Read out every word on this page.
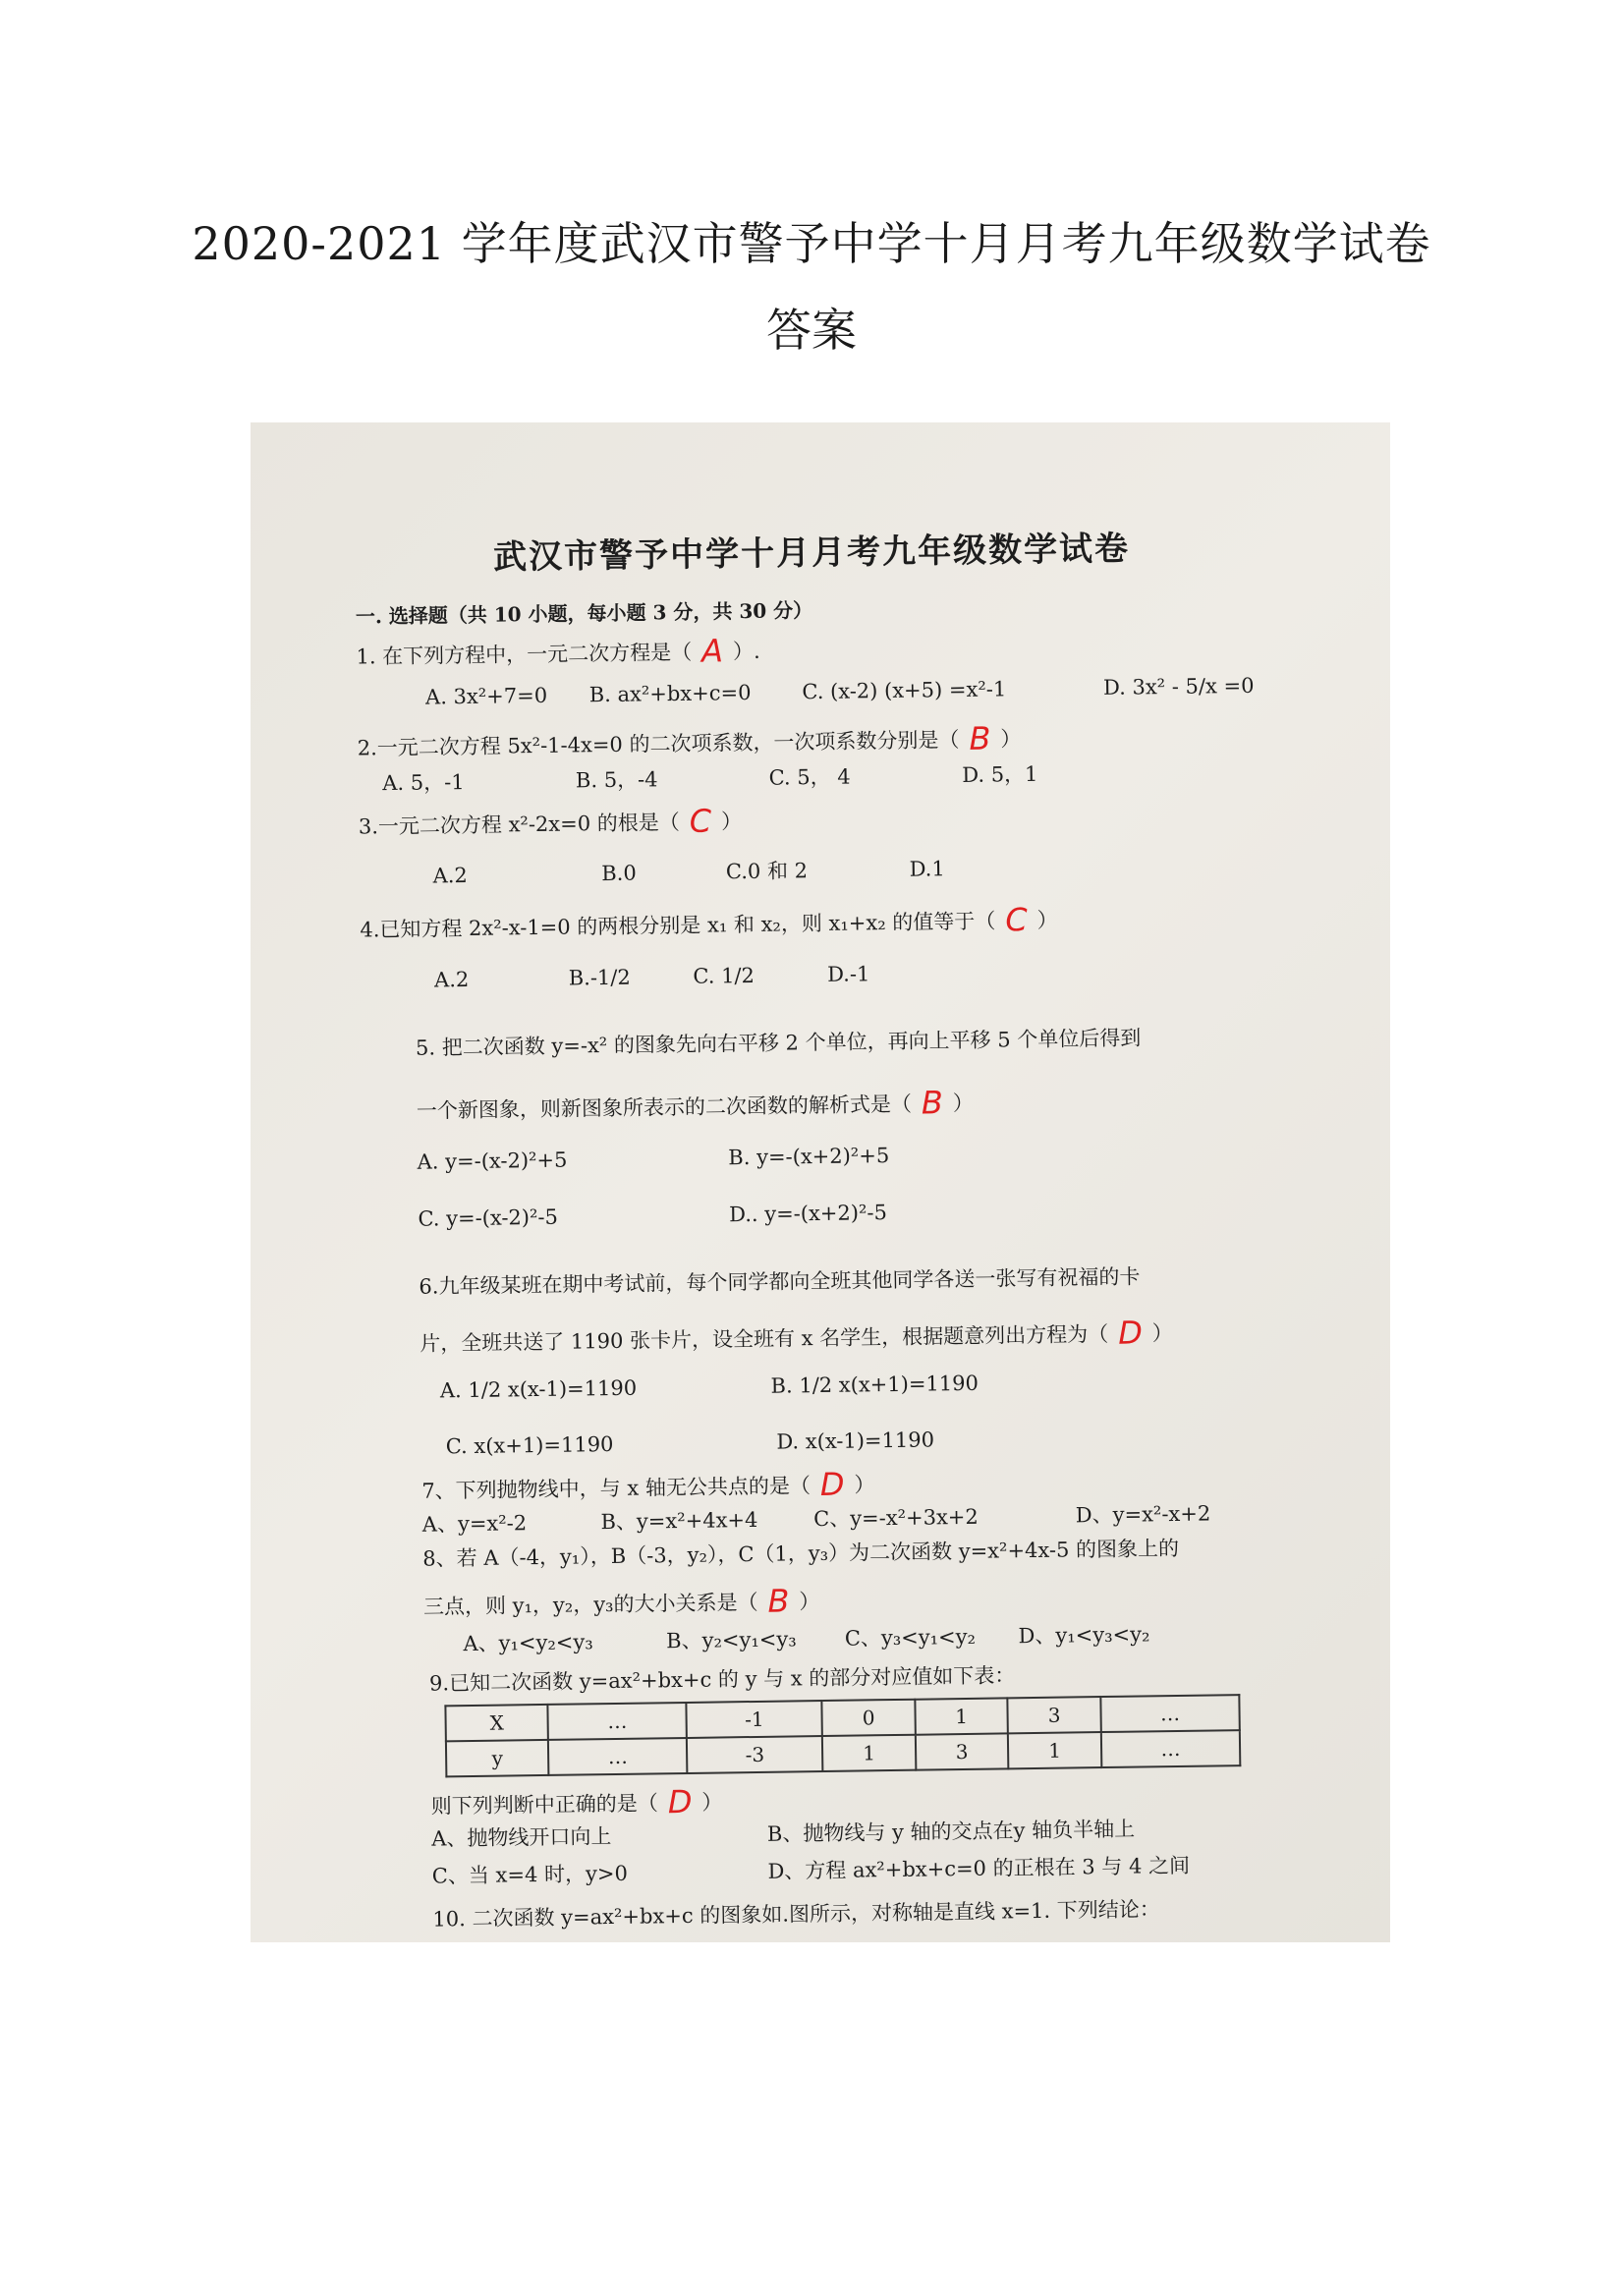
2020-2021 学年度武汉市警予中学十月月考九年级数学试卷
答案
武汉市警予中学十月月考九年级数学试卷
一. 选择题（共 10 小题，每小题 3 分，共 30 分）
1. 在下列方程中，一元二次方程是（ A ）.
A. 3x²+7=0 B. ax²+bx+c=0 C. (x-2) (x+5) =x²-1	D. 3x² - 5/x =0
2.一元二次方程 5x²-1-4x=0 的二次项系数，一次项系数分别是（ B ）
A. 5，-1	B. 5，-4	C. 5， 4	D. 5，1
3.一元二次方程 x²-2x=0 的根是（ C ）
A.2	B.0	C.0 和 2	D.1
4.已知方程 2x²-x-1=0 的两根分别是 x₁ 和 x₂，则 x₁+x₂ 的值等于（ C ）
A.2	B.-1/2	C. 1/2	D.-1
5. 把二次函数 y=-x² 的图象先向右平移 2 个单位，再向上平移 5 个单位后得到
一个新图象，则新图象所表示的二次函数的解析式是（ B ）
A. y=-(x-2)²+5	B. y=-(x+2)²+5
C. y=-(x-2)²-5	D.. y=-(x+2)²-5
6.九年级某班在期中考试前，每个同学都向全班其他同学各送一张写有祝福的卡
片，全班共送了 1190 张卡片，设全班有 x 名学生，根据题意列出方程为（ D ）
A. 1/2 x(x-1)=1190	B. 1/2 x(x+1)=1190
C. x(x+1)=1190	D. x(x-1)=1190
7、下列抛物线中，与 x 轴无公共点的是（ D ）
A、y=x²-2	B、y=x²+4x+4	C、y=-x²+3x+2	D、y=x²-x+2
8、若 A（-4，y₁），B（-3，y₂），C（1，y₃）为二次函数 y=x²+4x-5 的图象上的
三点，则 y₁，y₂，y₃的大小关系是（ B ）
A、y₁<y₂<y₃	B、y₂<y₁<y₃ C、y₃<y₁<y₂ D、y₁<y₃<y₂
9.已知二次函数 y=ax²+bx+c 的 y 与 x 的部分对应值如下表：
X	…	-1	0	1	3	…
y	…	-3	1	3	1	…
则下列判断中正确的是（ D ）
A、抛物线开口向上	B、抛物线与 y 轴的交点在y 轴负半轴上
C、当 x=4 时，y>0	D、方程 ax²+bx+c=0 的正根在 3 与 4 之间
10. 二次函数 y=ax²+bx+c 的图象如.图所示，对称轴是直线 x=1. 下列结论：
